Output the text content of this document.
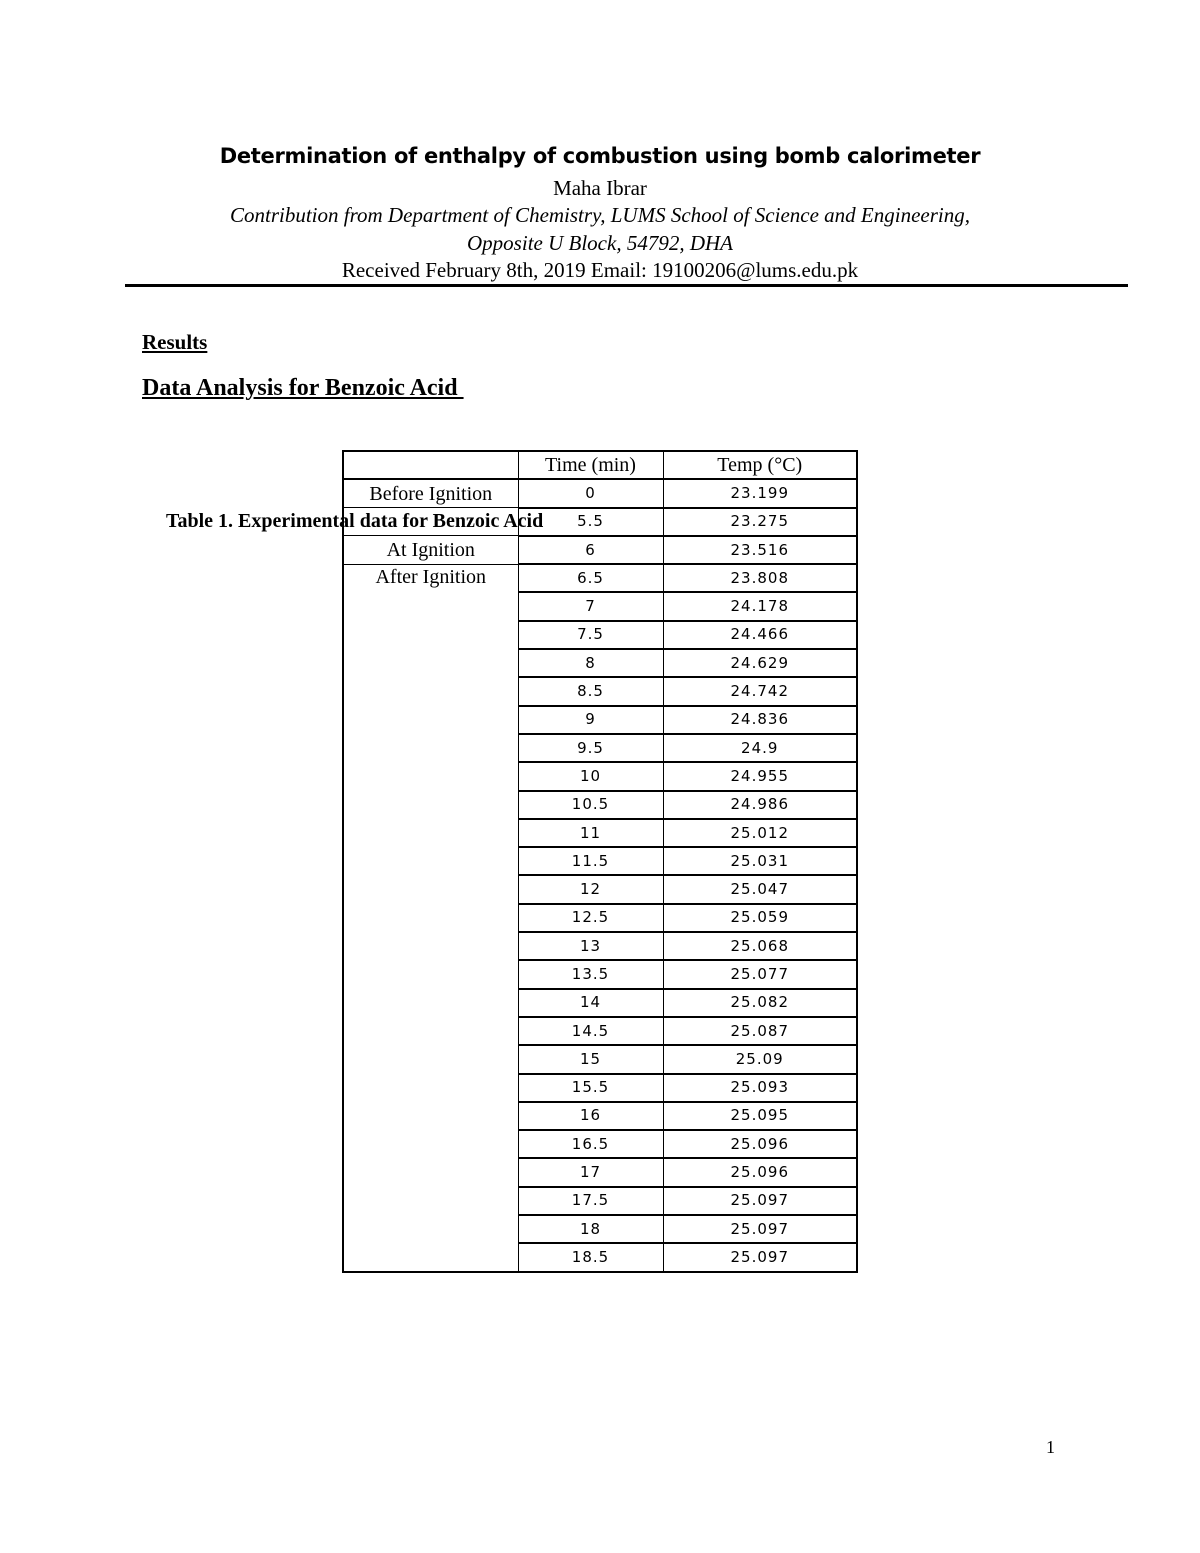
Determination of enthalpy of combustion using bomb calorimeter
Maha Ibrar
Contribution from Department of Chemistry, LUMS School of Science and Engineering,
Opposite U Block, 54792, DHA
Received February 8th, 2019 Email: 19100206@lums.edu.pk
Results
Data Analysis for Benzoic Acid
Table 1. Experimental data for Benzoic Acid
	Time (min)	Temp (°C)
Before Ignition	0	23.199
	5.5	23.275
At Ignition	6	23.516
After Ignition	6.5	23.808
	7	24.178
	7.5	24.466
	8	24.629
	8.5	24.742
	9	24.836
	9.5	24.9
	10	24.955
	10.5	24.986
	11	25.012
	11.5	25.031
	12	25.047
	12.5	25.059
	13	25.068
	13.5	25.077
	14	25.082
	14.5	25.087
	15	25.09
	15.5	25.093
	16	25.095
	16.5	25.096
	17	25.096
	17.5	25.097
	18	25.097
	18.5	25.097
1
